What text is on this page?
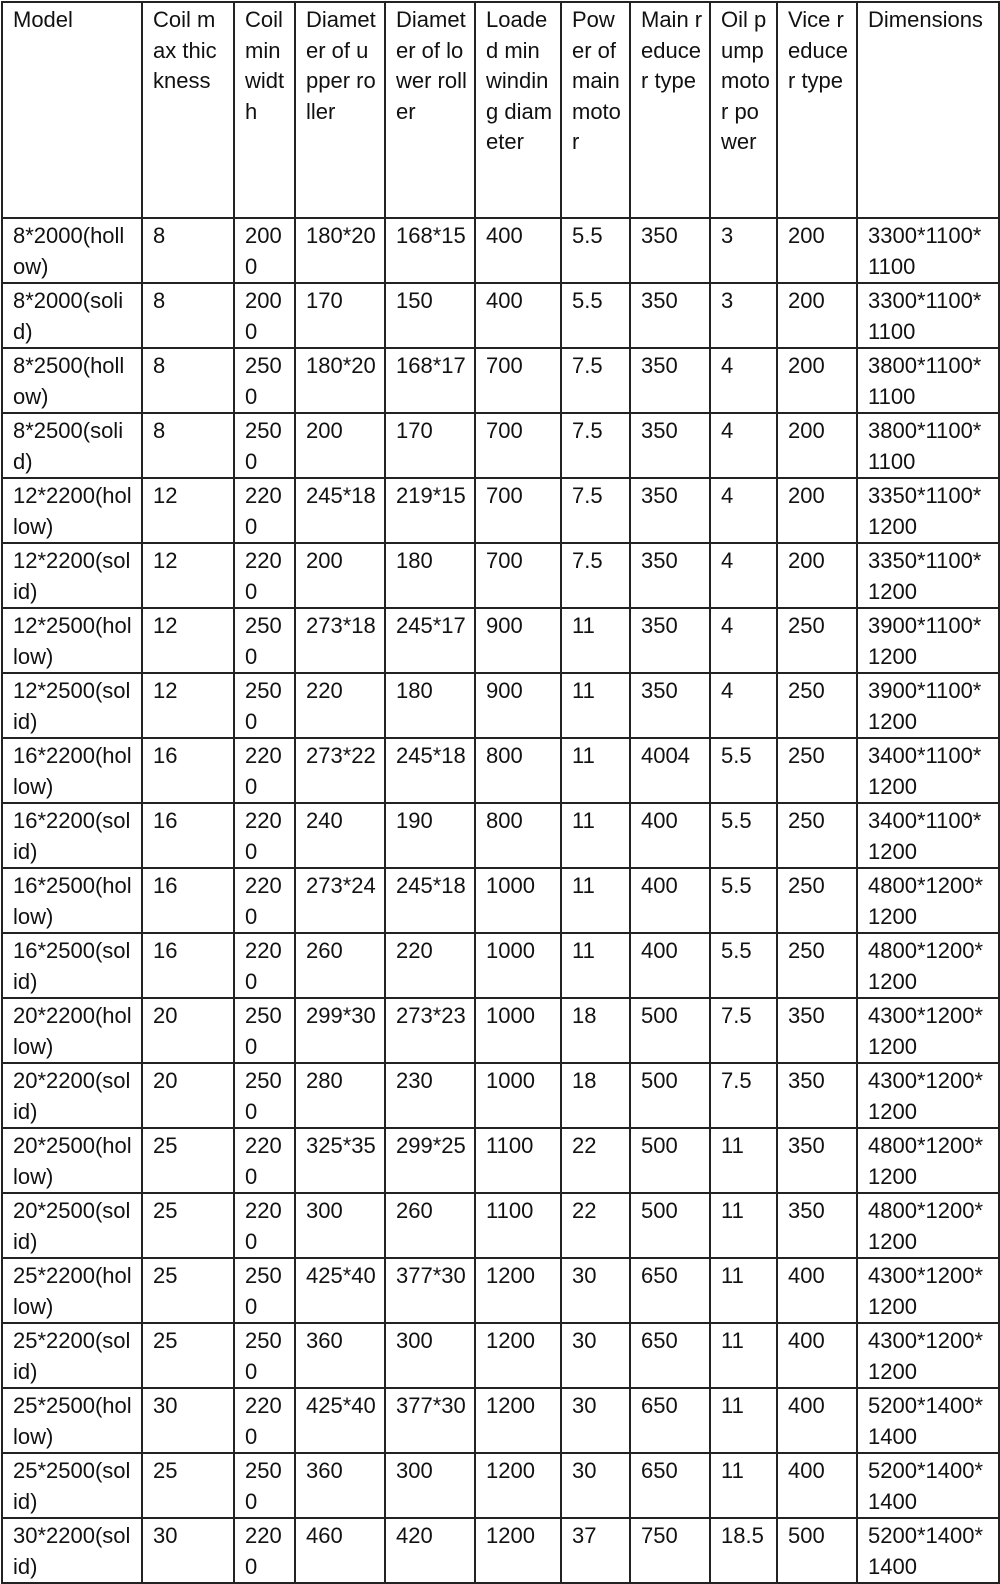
Model	Coil max thickness	Coil min width	Diameter of upper roller	Diameter of lower roller	Loaded min winding diameter	Power of main motor	Main reducer type	Oil pump motor power	Vice reducer type	Dimensions
8*2000(hollow)	8	2000	180*20	168*15	400	5.5	350	3	200	3300*1100*1100
8*2000(solid)	8	2000	170	150	400	5.5	350	3	200	3300*1100*1100
8*2500(hollow)	8	2500	180*20	168*17	700	7.5	350	4	200	3800*1100*1100
8*2500(solid)	8	2500	200	170	700	7.5	350	4	200	3800*1100*1100
12*2200(hollow)	12	2200	245*18	219*15	700	7.5	350	4	200	3350*1100*1200
12*2200(solid)	12	2200	200	180	700	7.5	350	4	200	3350*1100*1200
12*2500(hollow)	12	2500	273*18	245*17	900	11	350	4	250	3900*1100*1200
12*2500(solid)	12	2500	220	180	900	11	350	4	250	3900*1100*1200
16*2200(hollow)	16	2200	273*22	245*18	800	11	4004	5.5	250	3400*1100*1200
16*2200(solid)	16	2200	240	190	800	11	400	5.5	250	3400*1100*1200
16*2500(hollow)	16	2200	273*24	245*18	1000	11	400	5.5	250	4800*1200*1200
16*2500(solid)	16	2200	260	220	1000	11	400	5.5	250	4800*1200*1200
20*2200(hollow)	20	2500	299*30	273*23	1000	18	500	7.5	350	4300*1200*1200
20*2200(solid)	20	2500	280	230	1000	18	500	7.5	350	4300*1200*1200
20*2500(hollow)	25	2200	325*35	299*25	1100	22	500	11	350	4800*1200*1200
20*2500(solid)	25	2200	300	260	1100	22	500	11	350	4800*1200*1200
25*2200(hollow)	25	2500	425*40	377*30	1200	30	650	11	400	4300*1200*1200
25*2200(solid)	25	2500	360	300	1200	30	650	11	400	4300*1200*1200
25*2500(hollow)	30	2200	425*40	377*30	1200	30	650	11	400	5200*1400*1400
25*2500(solid)	25	2500	360	300	1200	30	650	11	400	5200*1400*1400
30*2200(solid)	30	2200	460	420	1200	37	750	18.5	500	5200*1400*1400
